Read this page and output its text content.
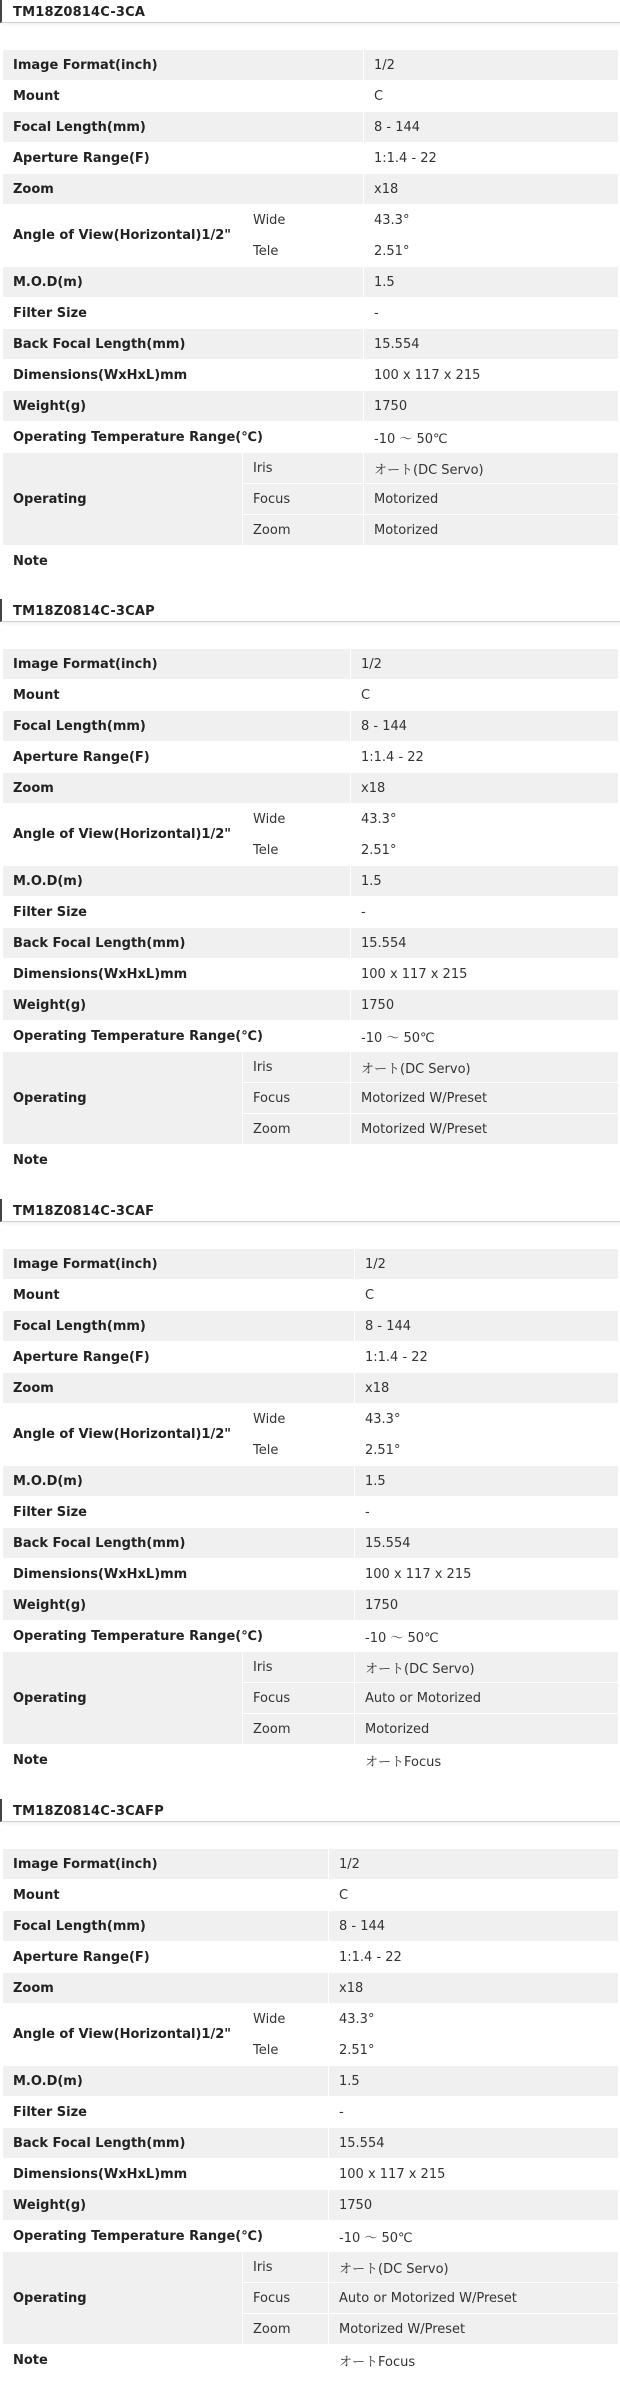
TM18Z0814C-3CA
Image Format(inch)		1/2
Mount		C
Focal Length(mm)		8 - 144
Aperture Range(F)		1:1.4 - 22
Zoom		x18
Angle of View(Horizontal)1/2"	Wide	43.3°
	Tele	2.51°
M.O.D(m)		1.5
Filter Size		-
Back Focal Length(mm)		15.554
Dimensions(WxHxL)mm		100 x 117 x 215
Weight(g)		1750
Operating Temperature Range(℃)		-10 ～ 50℃
Operating	Iris	オート(DC Servo)
	Focus	Motorized
	Zoom	Motorized
Note		
TM18Z0814C-3CAP
Image Format(inch)		1/2
Mount		C
Focal Length(mm)		8 - 144
Aperture Range(F)		1:1.4 - 22
Zoom		x18
Angle of View(Horizontal)1/2"	Wide	43.3°
	Tele	2.51°
M.O.D(m)		1.5
Filter Size		-
Back Focal Length(mm)		15.554
Dimensions(WxHxL)mm		100 x 117 x 215
Weight(g)		1750
Operating Temperature Range(℃)		-10 ～ 50℃
Operating	Iris	オート(DC Servo)
	Focus	Motorized W/Preset
	Zoom	Motorized W/Preset
Note		
TM18Z0814C-3CAF
Image Format(inch)		1/2
Mount		C
Focal Length(mm)		8 - 144
Aperture Range(F)		1:1.4 - 22
Zoom		x18
Angle of View(Horizontal)1/2"	Wide	43.3°
	Tele	2.51°
M.O.D(m)		1.5
Filter Size		-
Back Focal Length(mm)		15.554
Dimensions(WxHxL)mm		100 x 117 x 215
Weight(g)		1750
Operating Temperature Range(℃)		-10 ～ 50℃
Operating	Iris	オート(DC Servo)
	Focus	Auto or Motorized
	Zoom	Motorized
Note		オートFocus
TM18Z0814C-3CAFP
Image Format(inch)		1/2
Mount		C
Focal Length(mm)		8 - 144
Aperture Range(F)		1:1.4 - 22
Zoom		x18
Angle of View(Horizontal)1/2"	Wide	43.3°
	Tele	2.51°
M.O.D(m)		1.5
Filter Size		-
Back Focal Length(mm)		15.554
Dimensions(WxHxL)mm		100 x 117 x 215
Weight(g)		1750
Operating Temperature Range(℃)		-10 ～ 50℃
Operating	Iris	オート(DC Servo)
	Focus	Auto or Motorized W/Preset
	Zoom	Motorized W/Preset
Note		オートFocus
